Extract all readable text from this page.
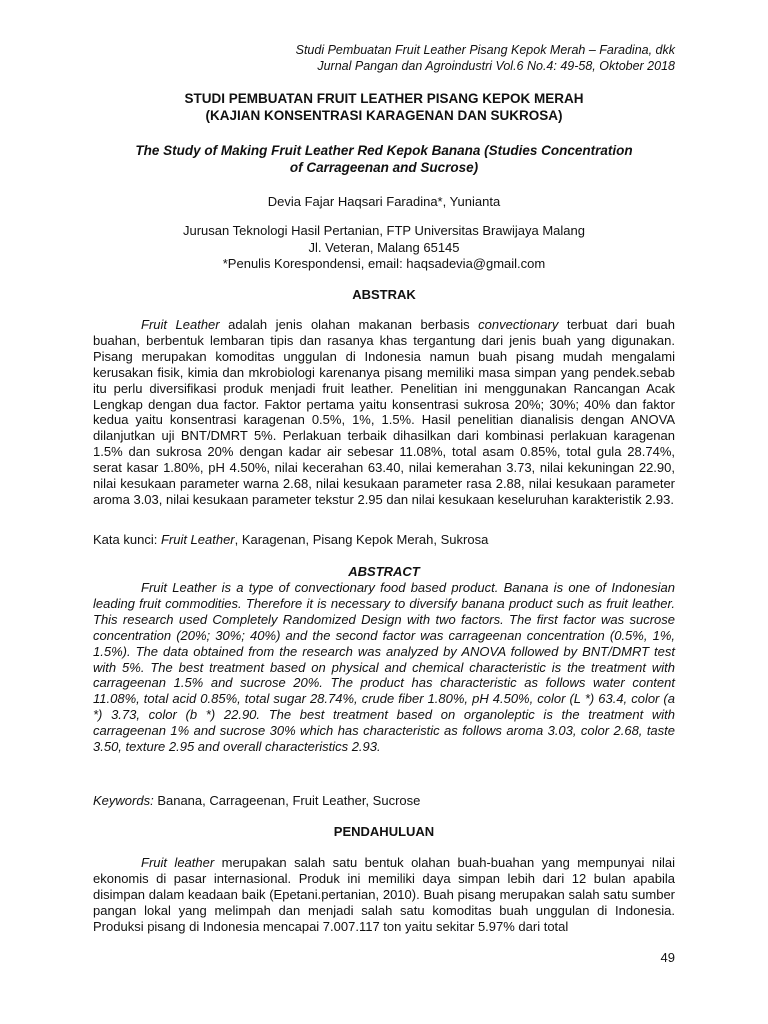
Studi Pembuatan Fruit Leather Pisang Kepok Merah – Faradina, dkk
Jurnal Pangan dan Agroindustri Vol.6 No.4: 49-58, Oktober 2018
STUDI PEMBUATAN FRUIT LEATHER PISANG KEPOK MERAH
(KAJIAN KONSENTRASI KARAGENAN DAN SUKROSA)
The Study of Making Fruit Leather Red Kepok Banana (Studies Concentration
of Carrageenan and Sucrose)
Devia Fajar Haqsari Faradina*, Yunianta
Jurusan Teknologi Hasil Pertanian, FTP Universitas Brawijaya Malang
Jl. Veteran, Malang 65145
*Penulis Korespondensi, email: haqsadevia@gmail.com
ABSTRAK

Fruit Leather adalah jenis olahan makanan berbasis convectionary terbuat dari buah buahan, berbentuk lembaran tipis dan rasanya khas tergantung dari jenis buah yang digunakan. Pisang merupakan komoditas unggulan di Indonesia namun buah pisang mudah mengalami kerusakan fisik, kimia dan mkrobiologi karenanya pisang memiliki masa simpan yang pendek.sebab itu perlu diversifikasi produk menjadi fruit leather. Penelitian ini menggunakan Rancangan Acak Lengkap dengan dua factor. Faktor pertama yaitu konsentrasi sukrosa 20%; 30%; 40% dan faktor kedua yaitu konsentrasi karagenan 0.5%, 1%, 1.5%. Hasil penelitian dianalisis dengan ANOVA dilanjutkan uji BNT/DMRT 5%. Perlakuan terbaik dihasilkan dari kombinasi perlakuan karagenan 1.5% dan sukrosa 20% dengan kadar air sebesar 11.08%, total asam 0.85%, total gula 28.74%, serat kasar 1.80%, pH 4.50%, nilai kecerahan 63.40, nilai kemerahan 3.73, nilai kekuningan 22.90, nilai kesukaan parameter warna 2.68, nilai kesukaan parameter rasa 2.88, nilai kesukaan parameter aroma 3.03, nilai kesukaan parameter tekstur 2.95 dan nilai kesukaan keseluruhan karakteristik 2.93.

Kata kunci: Fruit Leather, Karagenan, Pisang Kepok Merah, Sukrosa
ABSTRACT

Fruit Leather is a type of convectionary food based product. Banana is one of Indonesian leading fruit commodities. Therefore it is necessary to diversify banana product such as fruit leather. This research used Completely Randomized Design with two factors. The first factor was sucrose concentration (20%; 30%; 40%) and the second factor was carrageenan concentration (0.5%, 1%, 1.5%). The data obtained from the research was analyzed by ANOVA followed by BNT/DMRT test with 5%. The best treatment based on physical and chemical characteristic is the treatment with carrageenan 1.5% and sucrose 20%. The product has characteristic as follows water content 11.08%, total acid 0.85%, total sugar 28.74%, crude fiber 1.80%, pH 4.50%, color (L *) 63.4, color (a *) 3.73, color (b *) 22.90. The best treatment based on organoleptic is the treatment with carrageenan 1% and sucrose 30% which has characteristic as follows aroma 3.03, color 2.68, taste 3.50, texture 2.95 and overall characteristics 2.93.

Keywords: Banana, Carrageenan, Fruit Leather, Sucrose
PENDAHULUAN

Fruit leather merupakan salah satu bentuk olahan buah-buahan yang mempunyai nilai ekonomis di pasar internasional. Produk ini memiliki daya simpan lebih dari 12 bulan apabila disimpan dalam keadaan baik (Epetani.pertanian, 2010). Buah pisang merupakan salah satu sumber pangan lokal yang melimpah dan menjadi salah satu komoditas buah unggulan di Indonesia. Produksi pisang di Indonesia mencapai 7.007.117 ton yaitu sekitar 5.97% dari total

49
